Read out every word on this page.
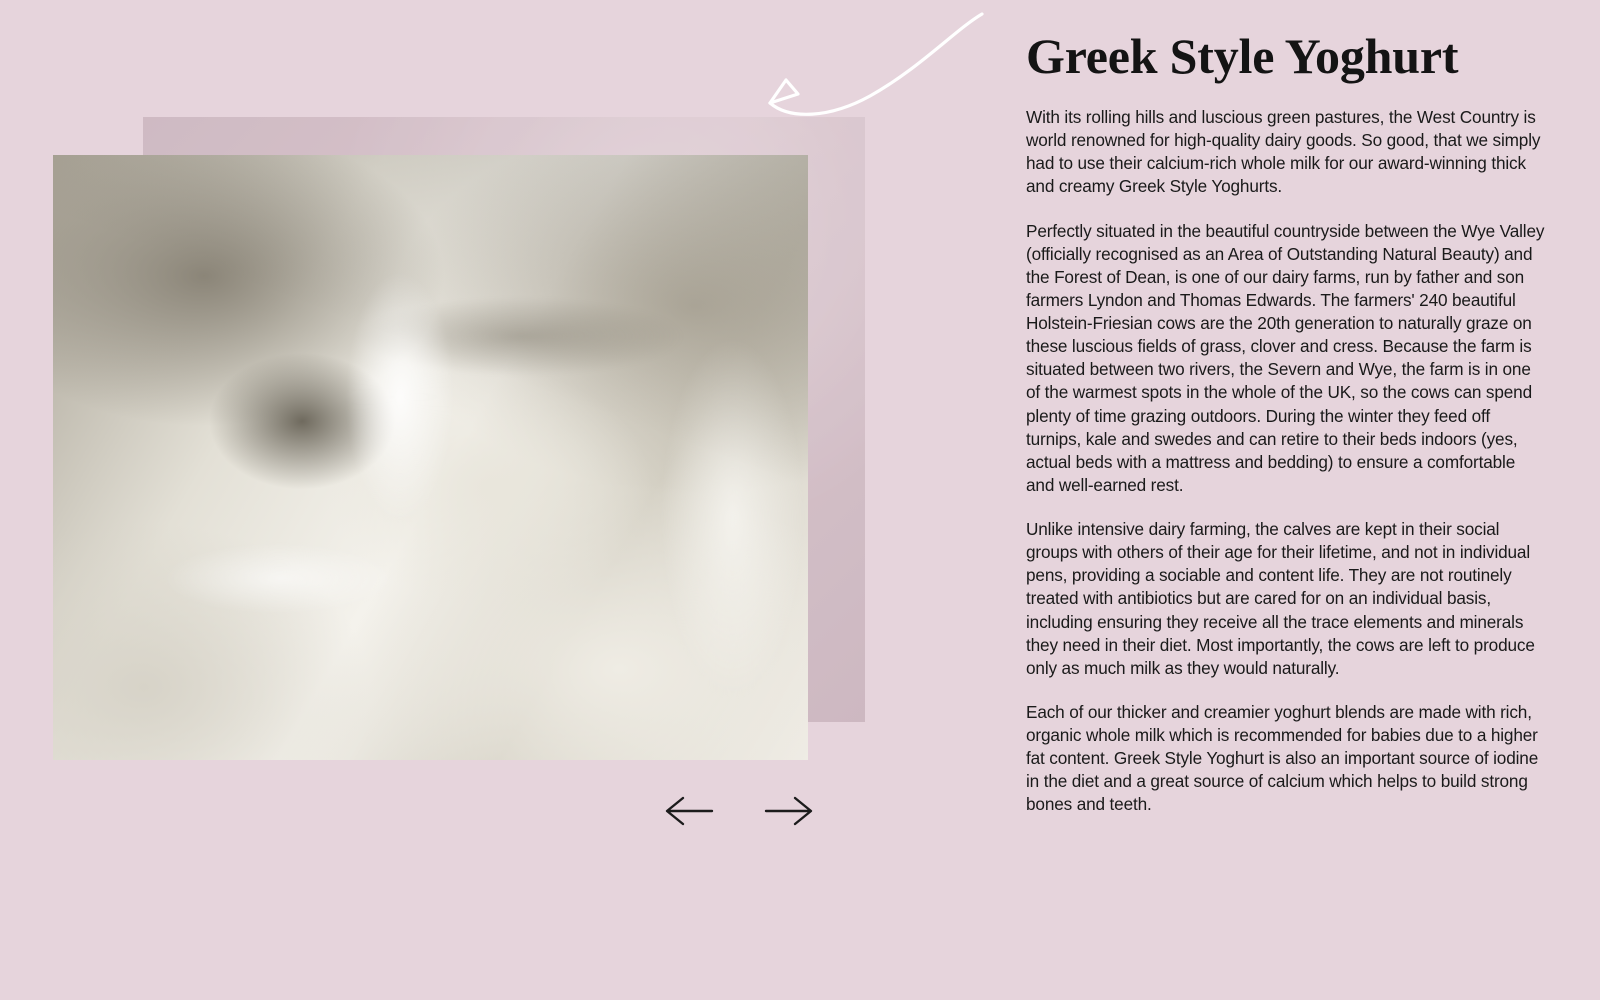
Greek Style Yoghurt

With its rolling hills and luscious green pastures, the West Country is world renowned for high-quality dairy goods. So good, that we simply had to use their calcium-rich whole milk for our award-winning thick and creamy Greek Style Yoghurts.

Perfectly situated in the beautiful countryside between the Wye Valley (officially recognised as an Area of Outstanding Natural Beauty) and the Forest of Dean, is one of our dairy farms, run by father and son farmers Lyndon and Thomas Edwards. The farmers' 240 beautiful Holstein-Friesian cows are the 20th generation to naturally graze on these luscious fields of grass, clover and cress. Because the farm is situated between two rivers, the Severn and Wye, the farm is in one of the warmest spots in the whole of the UK, so the cows can spend plenty of time grazing outdoors. During the winter they feed off turnips, kale and swedes and can retire to their beds indoors (yes, actual beds with a mattress and bedding) to ensure a comfortable and well-earned rest.

Unlike intensive dairy farming, the calves are kept in their social groups with others of their age for their lifetime, and not in individual pens, providing a sociable and content life. They are not routinely treated with antibiotics but are cared for on an individual basis, including ensuring they receive all the trace elements and minerals they need in their diet. Most importantly, the cows are left to produce only as much milk as they would naturally.

Each of our thicker and creamier yoghurt blends are made with rich, organic whole milk which is recommended for babies due to a higher fat content. Greek Style Yoghurt is also an important source of iodine in the diet and a great source of calcium which helps to build strong bones and teeth.
